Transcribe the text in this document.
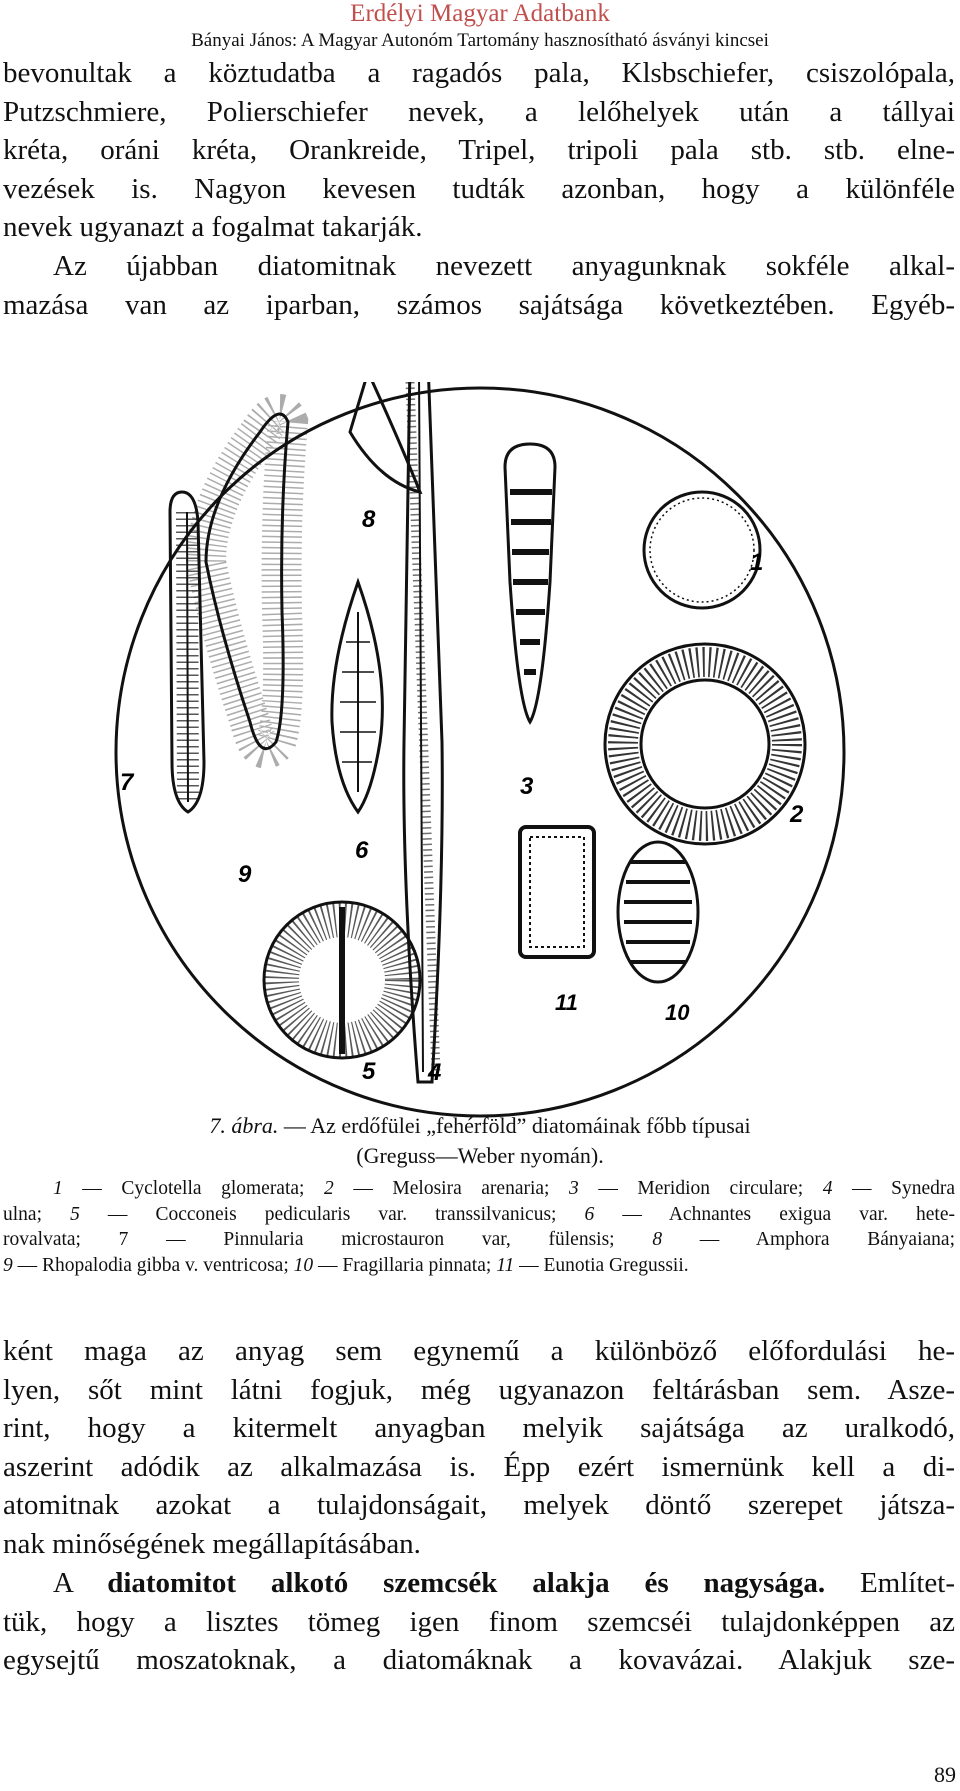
Erdélyi Magyar Adatbank
Bányai János: A Magyar Autonóm Tartomány hasznosítható ásványi kincsei
bevonultak a köztudatba a ragadós pala, Klsbschiefer, csiszolópala,
Putzschmiere, Polierschiefer nevek, a lelőhelyek után a tállyai
kréta, oráni kréta, Orankreide, Tripel, tripoli pala stb. stb. elne-
vezések is. Nagyon kevesen tudták azonban, hogy a különféle
nevek ugyanazt a fogalmat takarják.
Az újabban diatomitnak nevezett anyagunknak sokféle alkal-
mazása van az iparban, számos sajátsága következtében. Egyéb-
1
2
3
4
5
6
7
8
9
10
11
7. ábra. — Az erdőfülei „fehérföld” diatomáinak főbb típusai
(Greguss—Weber nyomán).
1 — Cyclotella glomerata; 2 — Melosira arenaria; 3 — Meridion circulare; 4 — Synedra
ulna; 5 — Cocconeis pedicularis var. transsilvanicus; 6 — Achnantes exigua var. hete-
rovalvata; 7 — Pinnularia microstauron var, fülensis; 8 — Amphora Bányaiana;
9 — Rhopalodia gibba v. ventricosa; 10 — Fragillaria pinnata; 11 — Eunotia Gregussii.
ként maga az anyag sem egynemű a különböző előfordulási he-
lyen, sőt mint látni fogjuk, még ugyanazon feltárásban sem. Asze-
rint, hogy a kitermelt anyagban melyik sajátsága az uralkodó,
aszerint adódik az alkalmazása is. Épp ezért ismernünk kell a di-
atomitnak azokat a tulajdonságait, melyek döntő szerepet játsza-
nak minőségének megállapításában.
A diatomitot alkotó szemcsék alakja és nagysága. Említet-
tük, hogy a lisztes tömeg igen finom szemcséi tulajdonképpen az
egysejtű moszatoknak, a diatomáknak a kovavázai. Alakjuk sze-
89
